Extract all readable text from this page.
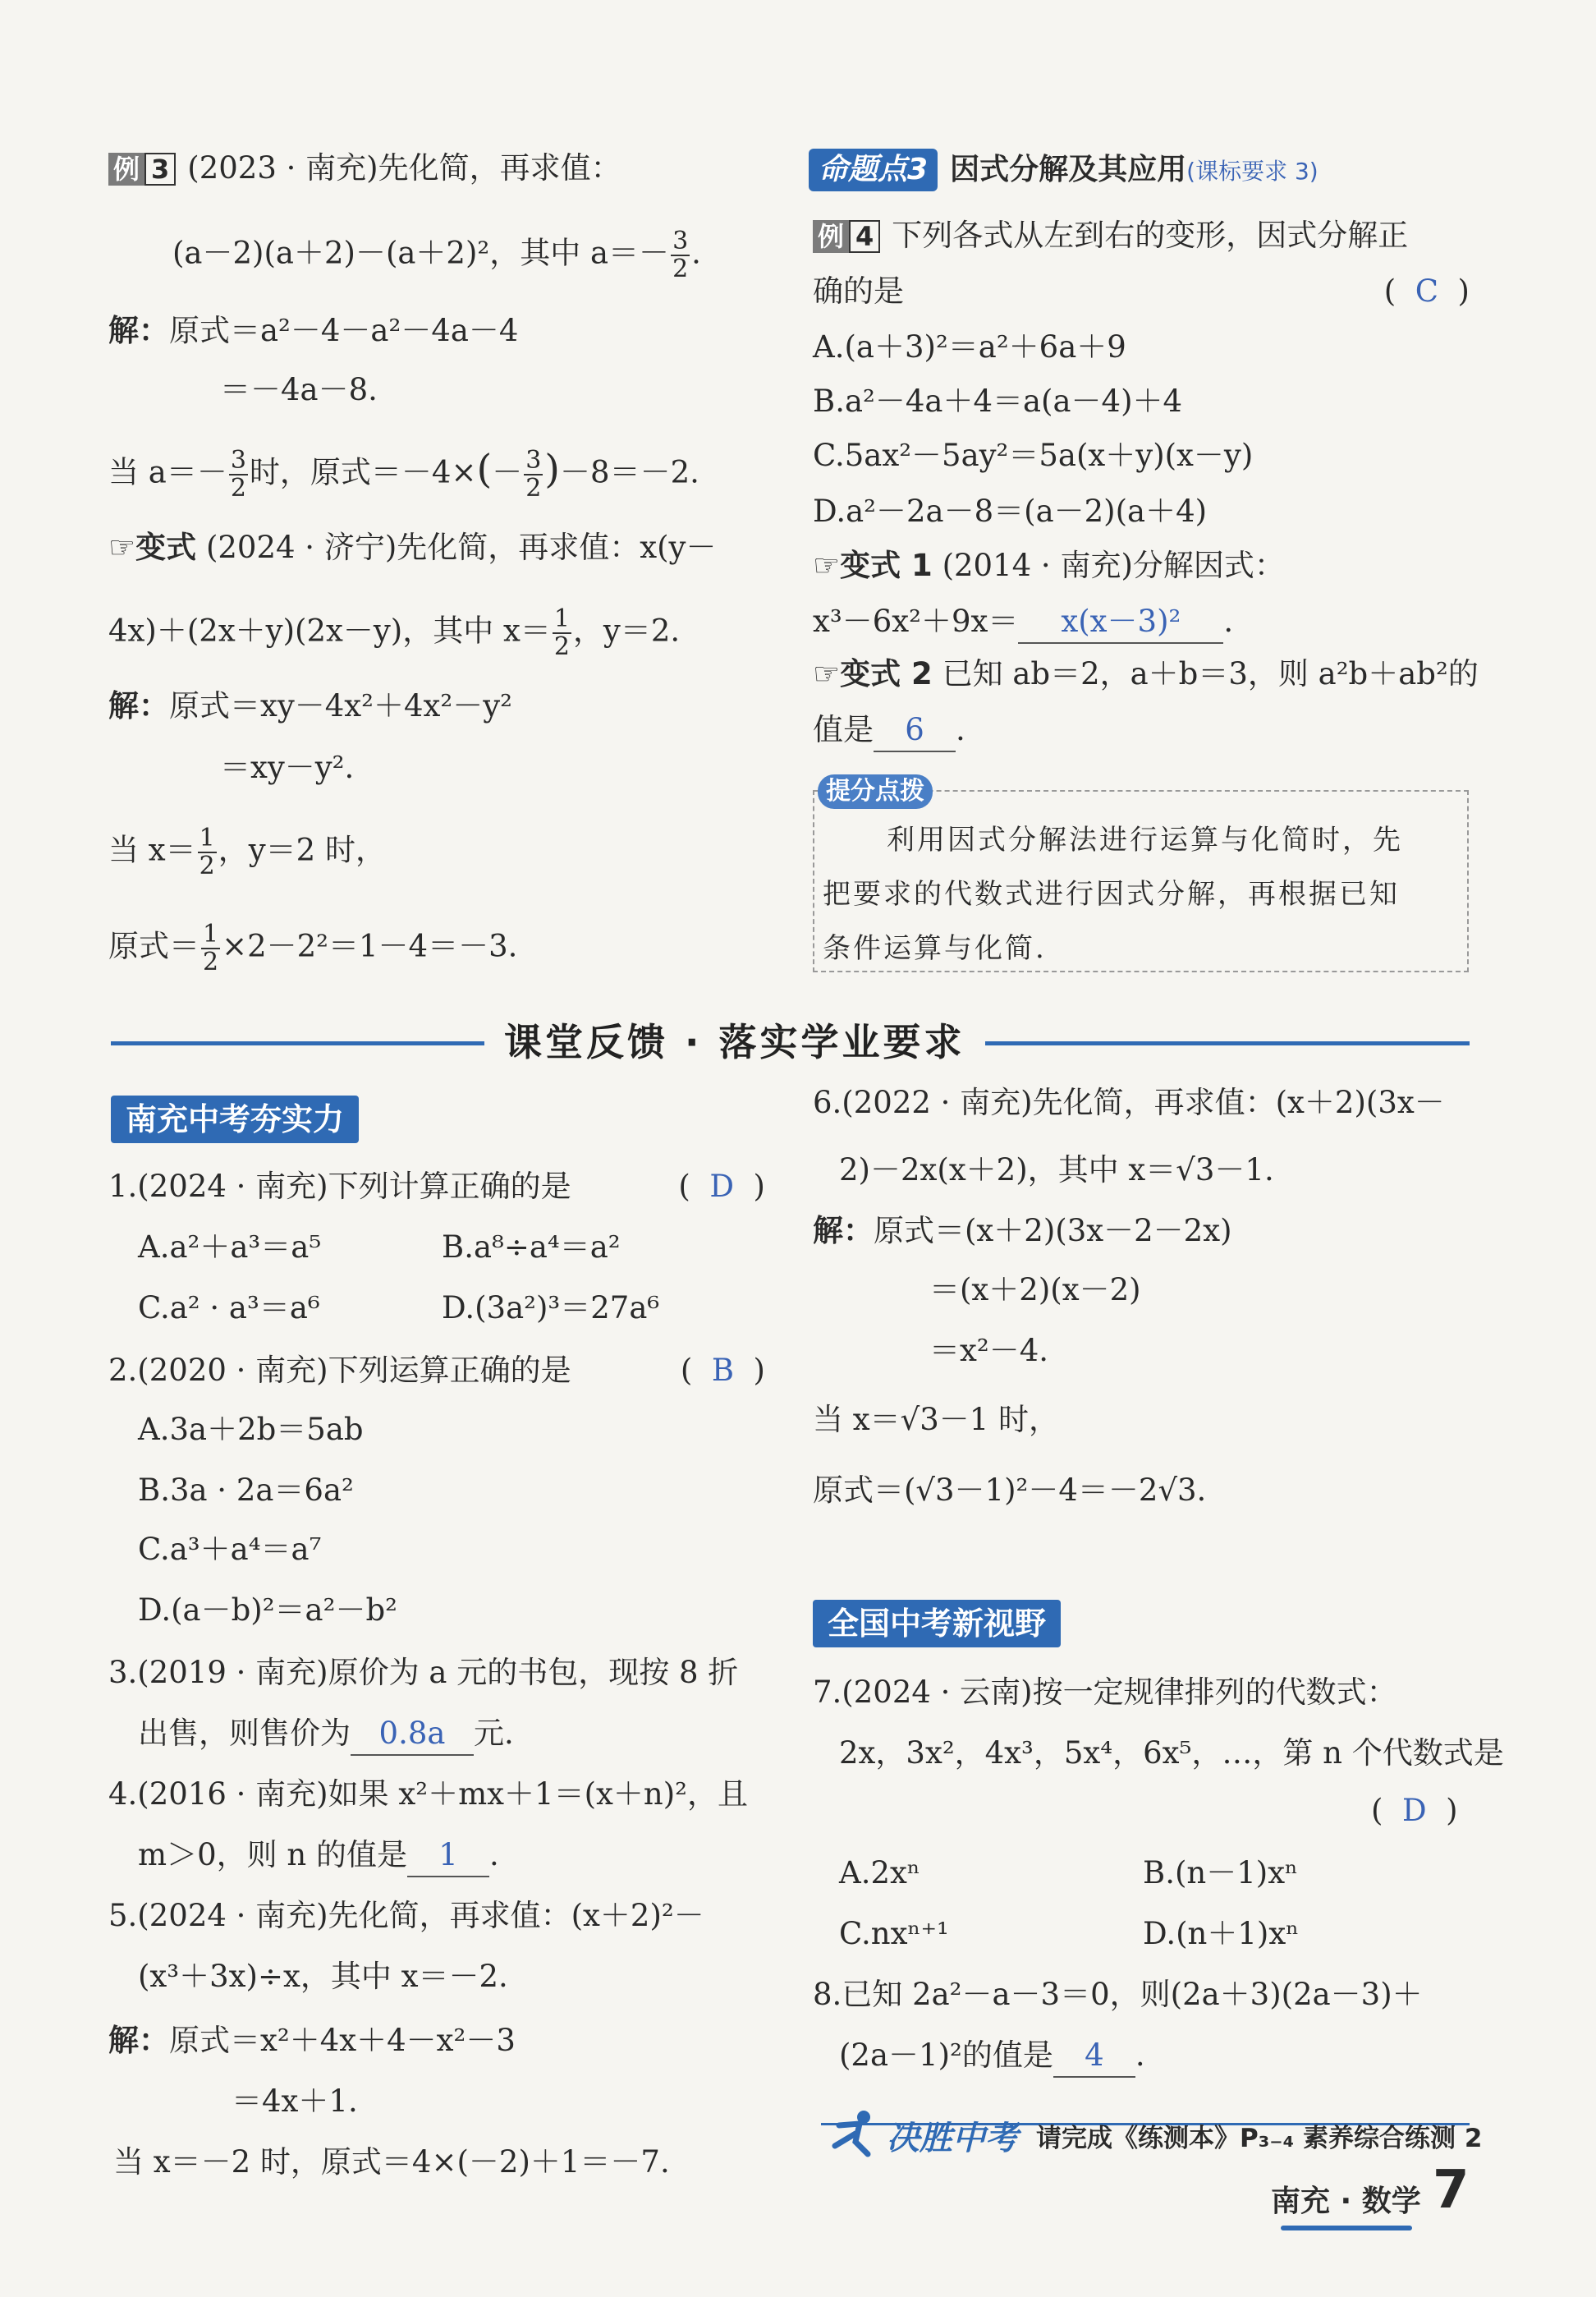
例 3 (2023 · 南充)先化简，再求值：
(a－2)(a＋2)－(a＋2)²，其中 $a=- \frac{3}{2}$ .
解：原式＝a²－4－a²－4a－4
＝－4a－8.
当 $a=- \frac{3}{2}$ 时，原式$=-4\times(- \frac{3}{2} )-8=-2$.
☞变式 (2024 · 济宁)先化简，再求值：x(y－
4x)＋(2x＋y)(2x－y)，其中 $x= \frac{1}{2}$ ，y＝2.
解：原式＝xy－4x²＋4x²－y²
＝xy－y².
当 $x= \frac{1}{2}$ ，y＝2 时，
原式＝ $\frac{1}{2} \times 2-2^2=1-4=-3$.
命题点3 因式分解及其应用(课标要求 3)
例 4 下列各式从左到右的变形，因式分解正
确的是	(  C  )
A.(a＋3)²＝a²＋6a＋9
B.a²－4a＋4＝a(a－4)＋4
C.5ax²－5ay²＝5a(x＋y)(x－y)
D.a²－2a－8＝(a－2)(a＋4)
☞变式 1 (2014 · 南充)分解因式：
x³－6x²＋9x＝ x(x－3)² .
☞变式 2 已知 ab＝2，a＋b＝3，则 a²b＋ab²的
值是 6 .
提分点拨
利用因式分解法进行运算与化简时，先
把要求的代数式进行因式分解，再根据已知
条件运算与化简.
课堂反馈 · 落实学业要求
南充中考夯实力
1.(2024 · 南充)下列计算正确的是	(  D  )
A.a²＋a³＝a⁵	B.a⁸÷a⁴＝a²
C.a² · a³＝a⁶	D.(3a²)³＝27a⁶
2.(2020 · 南充)下列运算正确的是	(  B  )
A.3a＋2b＝5ab
B.3a · 2a＝6a²
C.a³＋a⁴＝a⁷
D.(a－b)²＝a²－b²
3.(2019 · 南充)原价为 a 元的书包，现按 8 折
出售，则售价为 0.8a 元.
4.(2016 · 南充)如果 x²＋mx＋1＝(x＋n)²，且
m＞0，则 n 的值是 1 .
5.(2024 · 南充)先化简，再求值：(x＋2)²－
(x³＋3x)÷x，其中 x＝－2.
解：原式＝x²＋4x＋4－x²－3
＝4x＋1.
当 x＝－2 时，原式＝4×(－2)＋1＝－7.
6.(2022 · 南充)先化简，再求值：(x＋2)(3x－
2)－2x(x＋2)，其中 x＝√3－1.
解：原式＝(x＋2)(3x－2－2x)
＝(x＋2)(x－2)
＝x²－4.
当 x＝√3－1 时，
原式＝(√3－1)²－4＝－2√3.
全国中考新视野
7.(2024 · 云南)按一定规律排列的代数式：
2x，3x²，4x³，5x⁴，6x⁵，…，第 n 个代数式是
(  D  )
A.2xⁿ	B.(n－1)xⁿ
C.nxⁿ⁺¹	D.(n＋1)xⁿ
8.已知 2a²－a－3＝0，则(2a＋3)(2a－3)＋
(2a－1)²的值是 4 .
决胜中考 请完成《练测本》P₃₋₄ 素养综合练测 2
南充 · 数学 7
